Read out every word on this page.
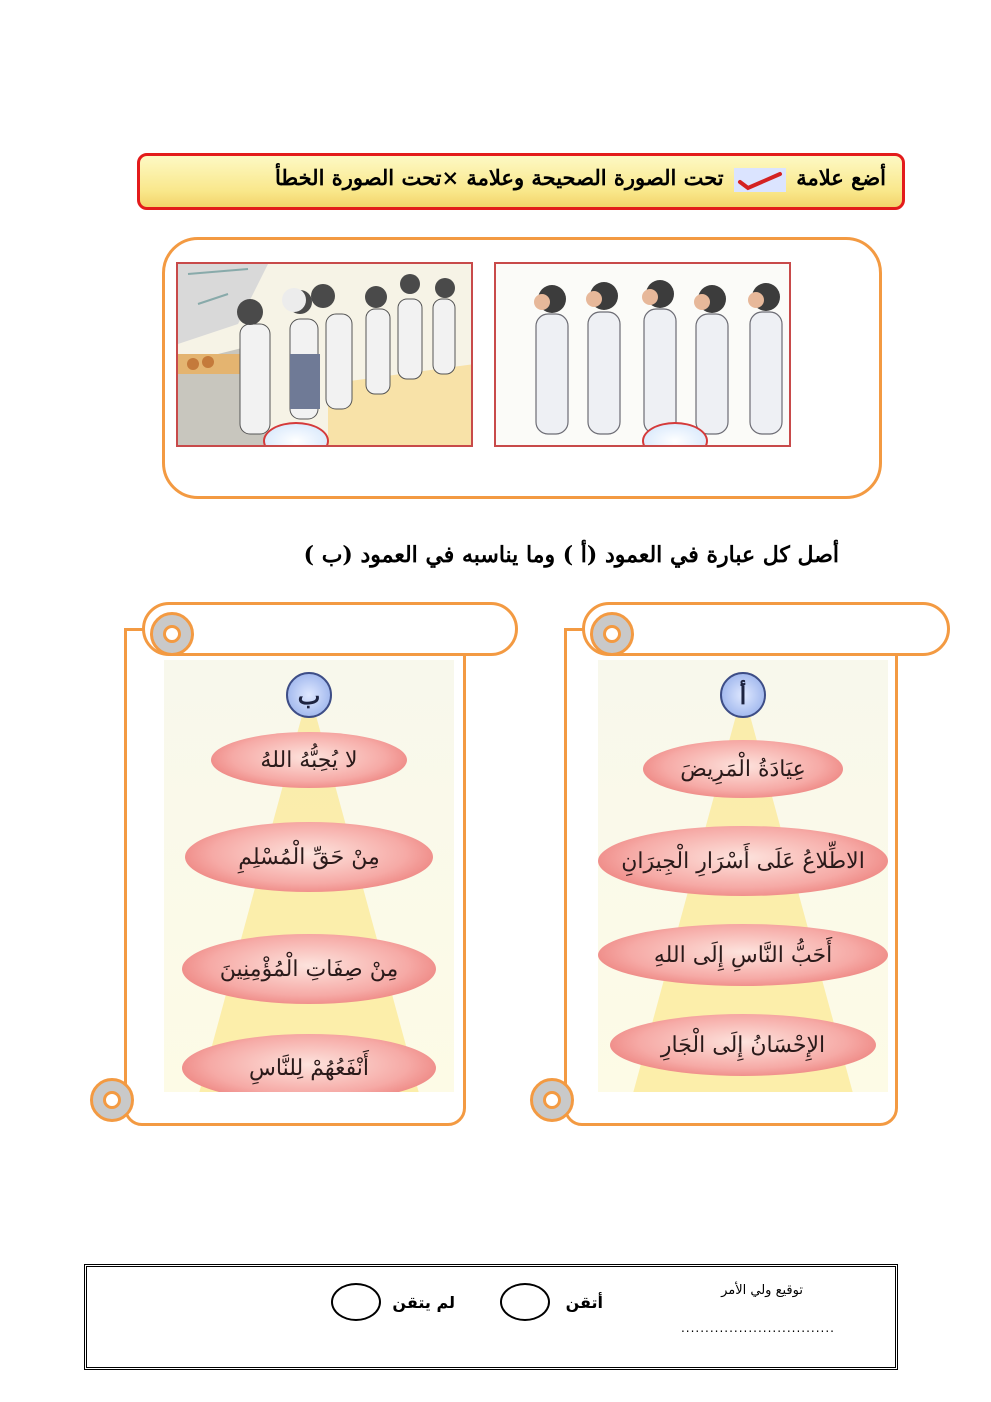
أضع علامة  تحت الصورة الصحيحة وعلامة ×تحت الصورة الخطأ
أصل كل عبارة في العمود (أ ) وما يناسبه في العمود (ب )
ب
لا يُحِبُّهُ اللهُ
مِنْ حَقِّ الْمُسْلِمِ
مِنْ صِفَاتِ الْمُؤْمِنِينَ
أَنْفَعُهُمْ لِلنَّاسِ
أ
عِيَادَةُ الْمَرِيضَ
الاطِّلاعُ عَلَى أَسْرَارِ الْجِيرَانِ
أَحَبُّ النَّاسِ إِلَى اللهِ
الإِحْسَانُ إِلَى الْجَارِ
توقيع ولي الأمر
................................
أتقن
لم يتقن
